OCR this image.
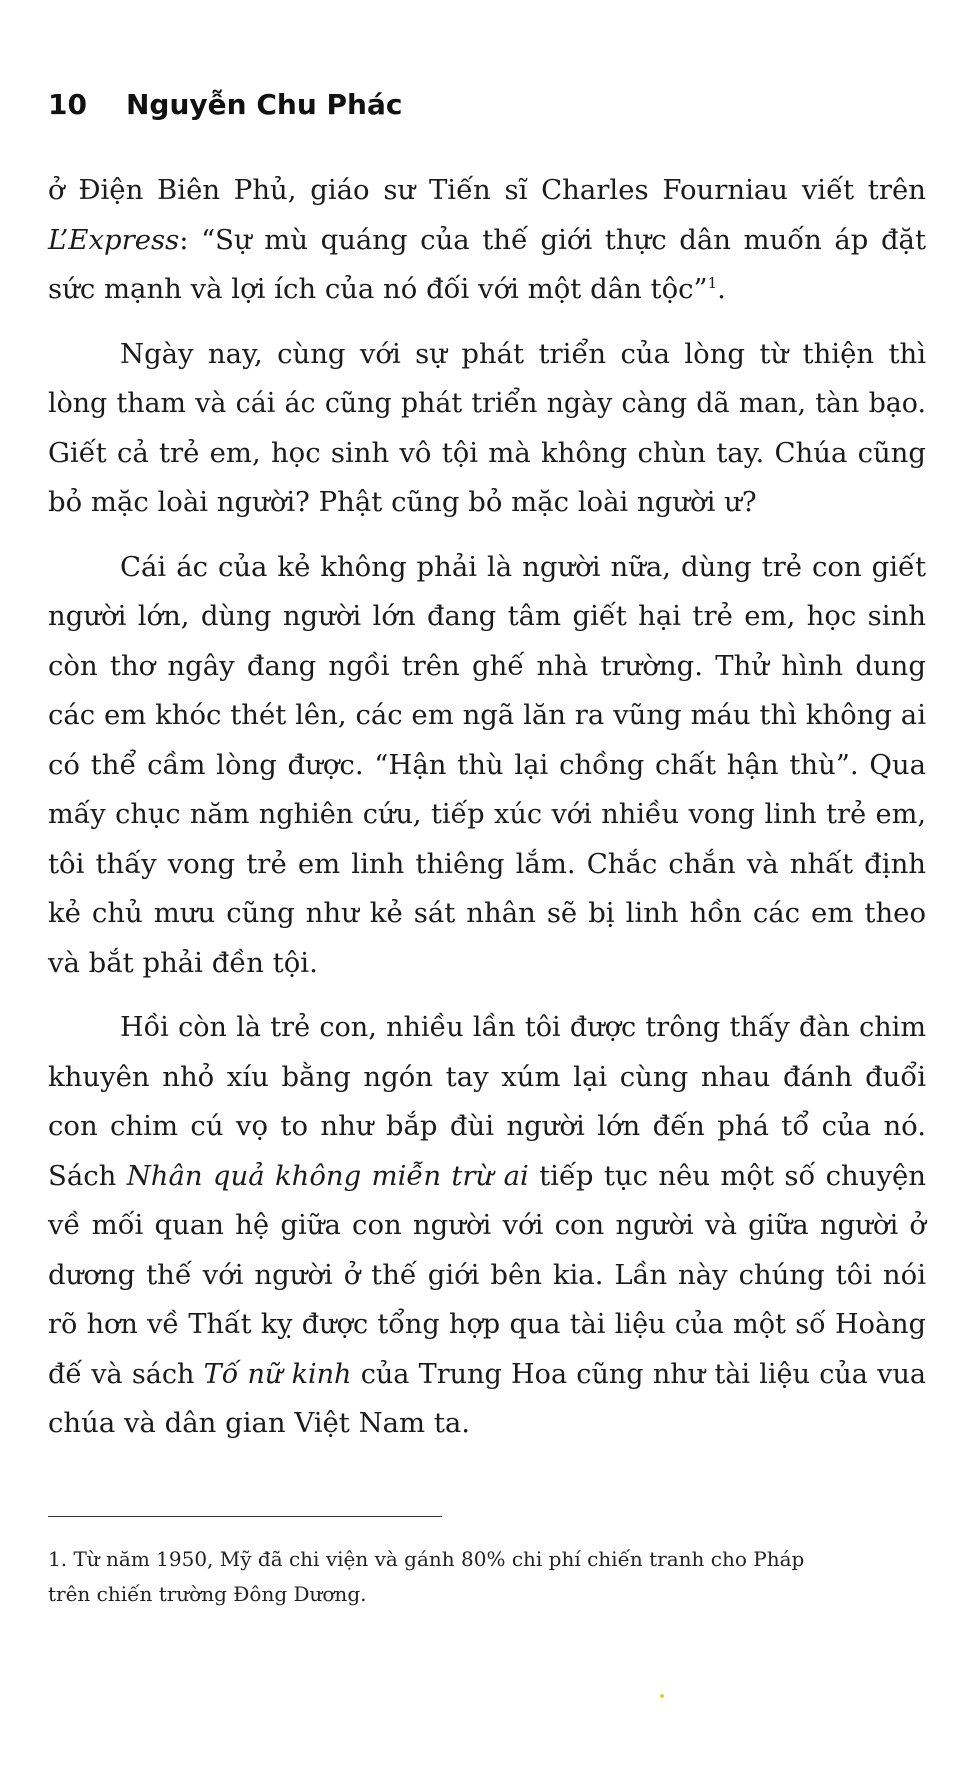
10 Nguyễn Chu Phác
ở Điện Biên Phủ, giáo sư Tiến sĩ Charles Fourniau viết trên
L’Express: “Sự mù quáng của thế giới thực dân muốn áp đặt
sức mạnh và lợi ích của nó đối với một dân tộc”$^1$.
Ngày nay, cùng với sự phát triển của lòng từ thiện thì
lòng tham và cái ác cũng phát triển ngày càng dã man, tàn bạo.
Giết cả trẻ em, học sinh vô tội mà không chùn tay. Chúa cũng
bỏ mặc loài người? Phật cũng bỏ mặc loài người ư?
Cái ác của kẻ không phải là người nữa, dùng trẻ con giết
người lớn, dùng người lớn đang tâm giết hại trẻ em, học sinh
còn thơ ngây đang ngồi trên ghế nhà trường. Thử hình dung
các em khóc thét lên, các em ngã lăn ra vũng máu thì không ai
có thể cầm lòng được. “Hận thù lại chồng chất hận thù”. Qua
mấy chục năm nghiên cứu, tiếp xúc với nhiều vong linh trẻ em,
tôi thấy vong trẻ em linh thiêng lắm. Chắc chắn và nhất định
kẻ chủ mưu cũng như kẻ sát nhân sẽ bị linh hồn các em theo
và bắt phải đền tội.
Hồi còn là trẻ con, nhiều lần tôi được trông thấy đàn chim
khuyên nhỏ xíu bằng ngón tay xúm lại cùng nhau đánh đuổi
con chim cú vọ to như bắp đùi người lớn đến phá tổ của nó.
Sách Nhân quả không miễn trừ ai tiếp tục nêu một số chuyện
về mối quan hệ giữa con người với con người và giữa người ở
dương thế với người ở thế giới bên kia. Lần này chúng tôi nói
rõ hơn về Thất kỵ được tổng hợp qua tài liệu của một số Hoàng
đế và sách Tố nữ kinh của Trung Hoa cũng như tài liệu của vua
chúa và dân gian Việt Nam ta.
1. Từ năm 1950, Mỹ đã chi viện và gánh 80% chi phí chiến tranh cho Pháp
trên chiến trường Đông Dương.
